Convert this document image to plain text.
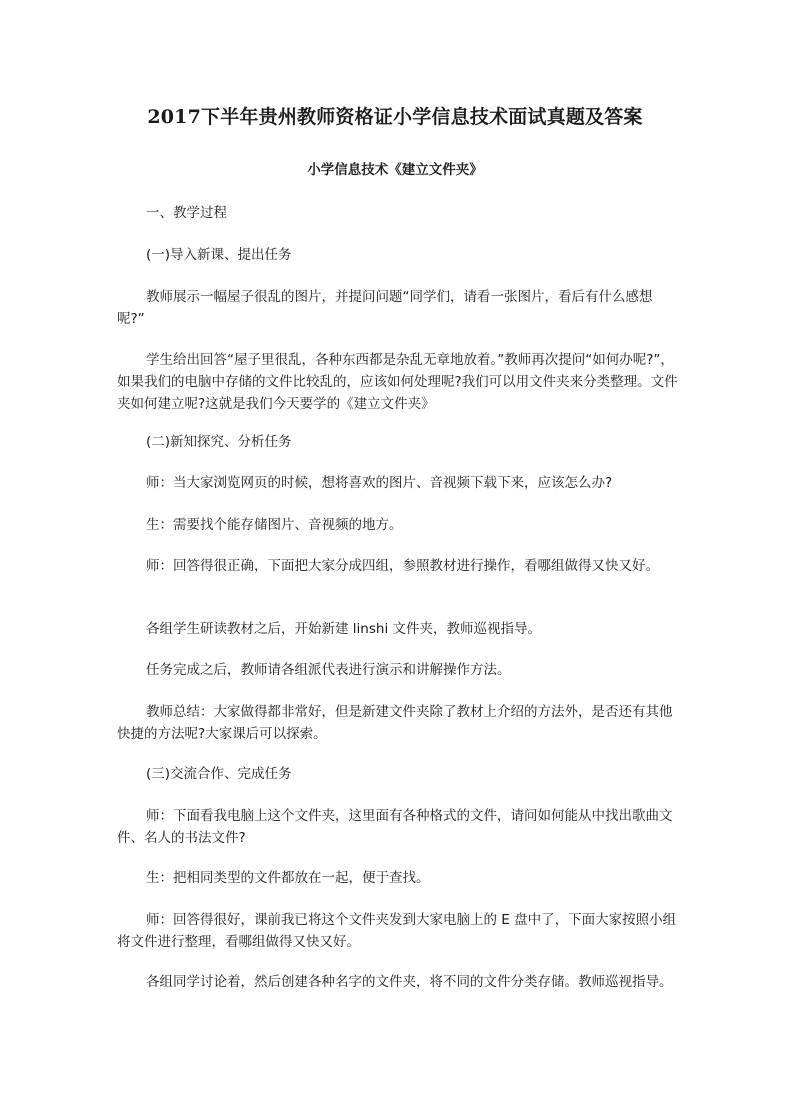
2017下半年贵州教师资格证小学信息技术面试真题及答案
小学信息技术《建立文件夹》

一、教学过程

(一)导入新课、提出任务

教师展示一幅屋子很乱的图片，并提问问题“同学们，请看一张图片，看后有什么感想呢?”

学生给出回答“屋子里很乱，各种东西都是杂乱无章地放着。”教师再次提问“如何办呢?”，如果我们的电脑中存储的文件比较乱的，应该如何处理呢?我们可以用文件夹来分类整理。文件夹如何建立呢?这就是我们今天要学的《建立文件夹》

(二)新知探究、分析任务

师：当大家浏览网页的时候，想将喜欢的图片、音视频下载下来，应该怎么办?

生：需要找个能存储图片、音视频的地方。

师：回答得很正确，下面把大家分成四组，参照教材进行操作，看哪组做得又快又好。

各组学生研读教材之后，开始新建 linshi 文件夹，教师巡视指导。

任务完成之后，教师请各组派代表进行演示和讲解操作方法。

教师总结：大家做得都非常好，但是新建文件夹除了教材上介绍的方法外，是否还有其他快捷的方法呢?大家课后可以探索。

(三)交流合作、完成任务

师：下面看我电脑上这个文件夹，这里面有各种格式的文件，请问如何能从中找出歌曲文件、名人的书法文件?

生：把相同类型的文件都放在一起，便于查找。

师：回答得很好，课前我已将这个文件夹发到大家电脑上的 E 盘中了，下面大家按照小组将文件进行整理，看哪组做得又快又好。

各组同学讨论着，然后创建各种名字的文件夹，将不同的文件分类存储。教师巡视指导。
